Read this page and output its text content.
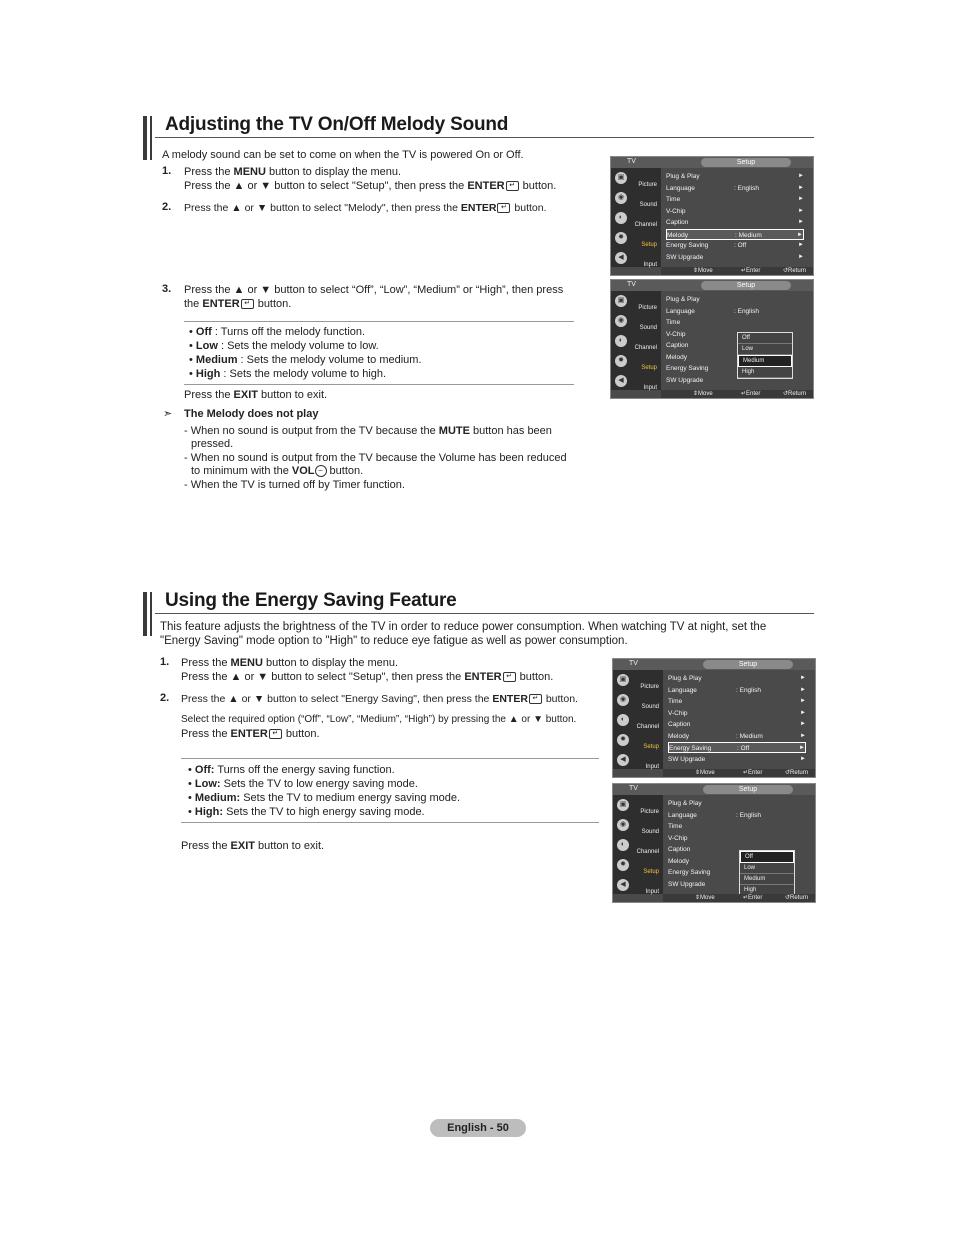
Adjusting the TV On/Off Melody Sound
A melody sound can be set to come on when the TV is powered On or Off.
1. Press the MENU button to display the menu.
Press the ▲ or ▼ button to select "Setup", then press the ENTER ↵ button.
2. Press the ▲ or ▼ button to select "Melody", then press the ENTER ↵ button.
3. Press the ▲ or ▼ button to select “Off”, “Low”, “Medium” or “High”, then press
the ENTER ↵ button.
• Off : Turns off the melody function.
• Low : Sets the melody volume to low.
• Medium : Sets the melody volume to medium.
• High : Sets the melody volume to high.
Press the EXIT button to exit.
➣ The Melody does not play
- When no sound is output from the TV because the MUTE button has been
pressed.
- When no sound is output from the TV because the Volume has been reduced
to minimum with the VOL − button.
- When the TV is turned off by Timer function.
TV	Setup
▣
Picture
◉
Sound
◐
Channel
✹
Setup
◀
Input
Plug & Play	►
Language	: English	►
Time	►
V-Chip	►
Caption	►
Melody	: Medium	►
Energy Saving	: Off	►
SW Upgrade	►
⇕ Move	↵ Enter	↺ Return
TV	Setup
▣
Picture
◉
Sound
◐
Channel
✹
Setup
◀
Input
Plug & Play
Language	: English
Time
V-Chip
Caption
Melody
Energy Saving
SW Upgrade
Off
Low
Medium
High
⇕ Move	↵ Enter	↺ Return
Using the Energy Saving Feature
This feature adjusts the brightness of the TV in order to reduce power consumption. When watching TV at night, set the
"Energy Saving" mode option to "High" to reduce eye fatigue as well as power consumption.
1. Press the MENU button to display the menu.
Press the ▲ or ▼ button to select "Setup", then press the ENTER ↵ button.
2. Press the ▲ or ▼ button to select "Energy Saving", then press the ENTER ↵ button.
Select the required option (“Off”, “Low”, “Medium”, “High”) by pressing the ▲ or ▼ button.
Press the ENTER ↵ button.
• Off: Turns off the energy saving function.
• Low: Sets the TV to low energy saving mode.
• Medium: Sets the TV to medium energy saving mode.
• High: Sets the TV to high energy saving mode.
Press the EXIT button to exit.
TV	Setup
▣
Picture
◉
Sound
◐
Channel
✹
Setup
◀
Input
Plug & Play	►
Language	: English	►
Time	►
V-Chip	►
Caption	►
Melody	: Medium	►
Energy Saving	: Off	►
SW Upgrade	►
⇕ Move	↵ Enter	↺ Return
TV	Setup
▣
Picture
◉
Sound
◐
Channel
✹
Setup
◀
Input
Plug & Play
Language	: English
Time
V-Chip
Caption
Melody
Energy Saving
SW Upgrade
Off
Low
Medium
High
⇕ Move	↵ Enter	↺ Return
English - 50
